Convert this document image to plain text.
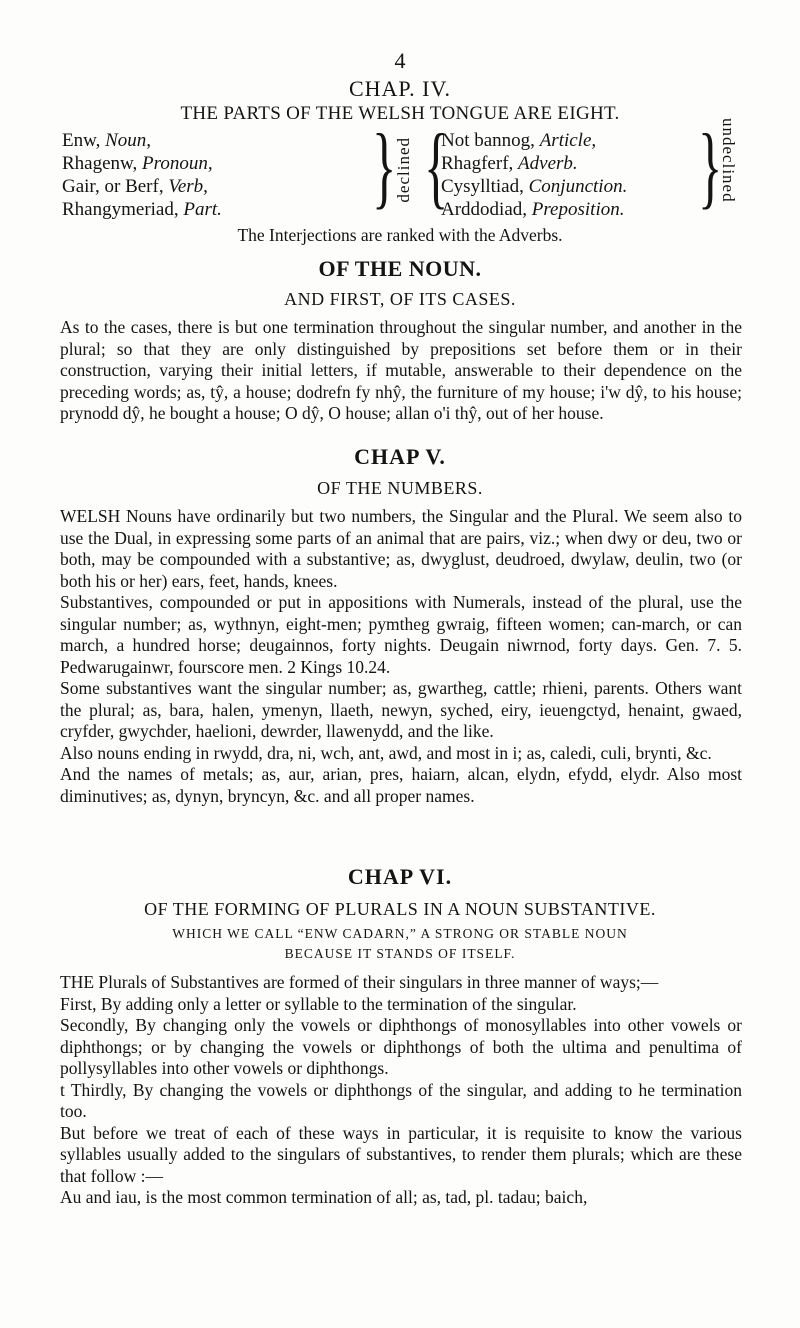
4
CHAP. IV.
THE PARTS OF THE WELSH TONGUE ARE EIGHT.
Enw, Noun,
Rhagenw, Pronoun,
Gair, or Berf, Verb,
Rhangymeriad, Part. }
declined {
Not bannog, Article,
Rhagferf, Adverb.
Cysylltiad, Conjunction.
Arddodiad, Preposition. }
undeclined
The Interjections are ranked with the Adverbs.
OF THE NOUN.
AND FIRST, OF ITS CASES.
As to the cases, there is but one termination throughout the singular number, and another in the plural; so that they are only distinguished by prepositions set before them or in their construction, varying their initial letters, if mutable, answerable to their dependence on the preceding words; as, tŷ, a house; dodrefn fy nhŷ, the furniture of my house; i'w dŷ, to his house; prynodd dŷ, he bought a house; O dŷ, O house; allan o'i thŷ, out of her house.
CHAP V.
OF THE NUMBERS.

WELSH Nouns have ordinarily but two numbers, the Singular and the Plural. We seem also to use the Dual, in expressing some parts of an animal that are pairs, viz.; when dwy or deu, two or both, may be compounded with a substantive; as, dwyglust, deudroed, dwylaw, deulin, two (or both his or her) ears, feet, hands, knees.

Substantives, compounded or put in appositions with Numerals, instead of the plural, use the singular number; as, wythnyn, eight-men; pymtheg gwraig, fifteen women; can-march, or can march, a hundred horse; deugainnos, forty nights. Deugain niwrnod, forty days. Gen. 7. 5. Pedwarugainwr, fourscore men. 2 Kings 10.24.

Some substantives want the singular number; as, gwartheg, cattle; rhieni, parents. Others want the plural; as, bara, halen, ymenyn, llaeth, newyn, syched, eiry, ieuengctyd, henaint, gwaed, cryfder, gwychder, haelioni, dewrder, llawenydd, and the like.

Also nouns ending in rwydd, dra, ni, wch, ant, awd, and most in i; as, caledi, culi, brynti, &c.

And the names of metals; as, aur, arian, pres, haiarn, alcan, elydn, efydd, elydr. Also most diminutives; as, dynyn, bryncyn, &c. and all proper names.

CHAP VI.
OF THE FORMING OF PLURALS IN A NOUN SUBSTANTIVE.
WHICH WE CALL “ENW CADARN,” A STRONG OR STABLE NOUN
BECAUSE IT STANDS OF ITSELF.

THE Plurals of Substantives are formed of their singulars in three manner of ways;—

First, By adding only a letter or syllable to the termination of the singular.

Secondly, By changing only the vowels or diphthongs of monosyllables into other vowels or diphthongs; or by changing the vowels or diphthongs of both the ultima and penultima of pollysyllables into other vowels or diphthongs.

t Thirdly, By changing the vowels or diphthongs of the singular, and adding to he termination too.

But before we treat of each of these ways in particular, it is requisite to know the various syllables usually added to the singulars of substantives, to render them plurals; which are these that follow :—

Au and iau, is the most common termination of all; as, tad, pl. tadau; baich,
